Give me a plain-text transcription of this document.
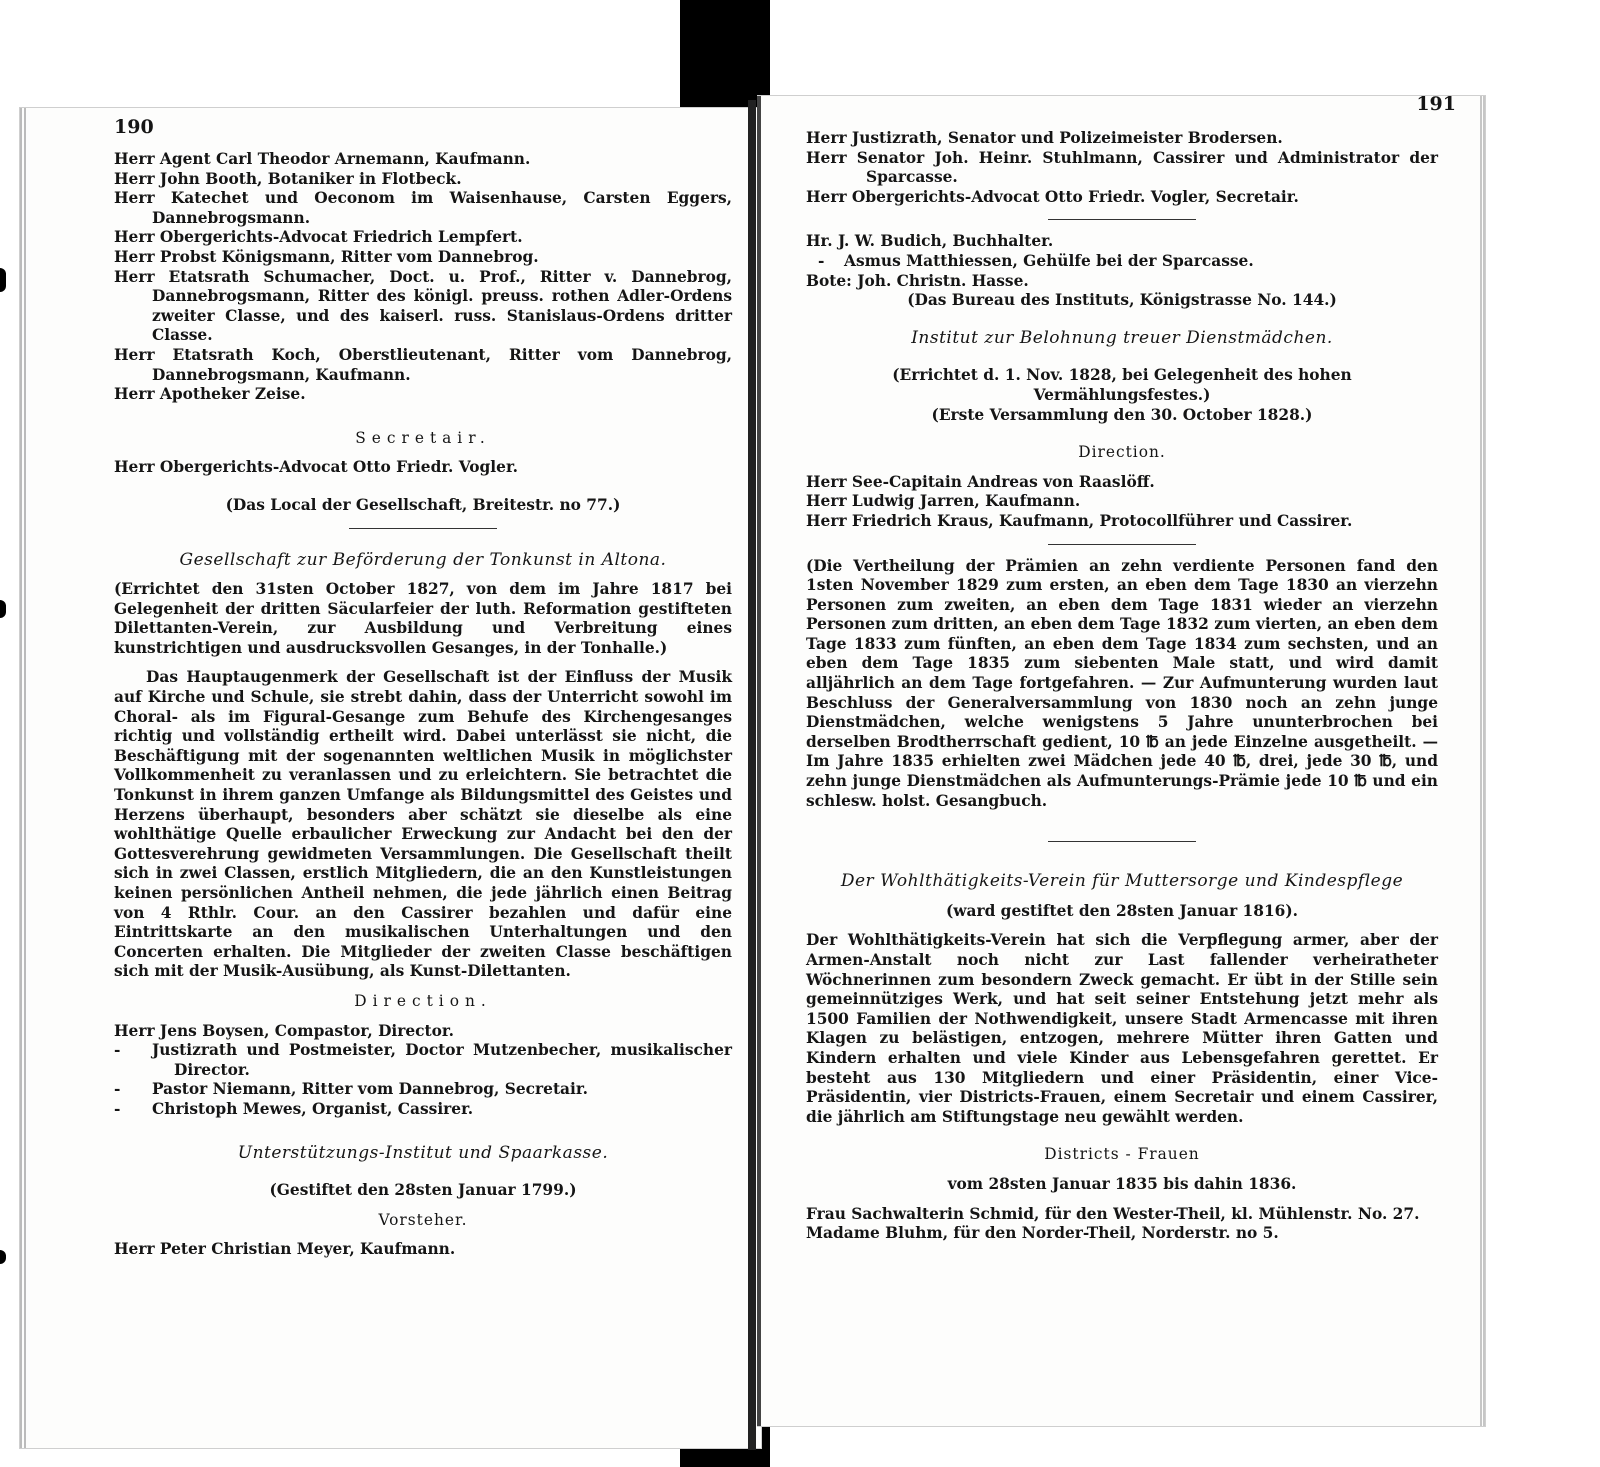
190

Herr Agent Carl Theodor Arnemann, Kaufmann.

Herr John Booth, Botaniker in Flotbeck.

Herr Katechet und Oeconom im Waisenhause, Carsten Eggers, Dannebrogsmann.

Herr Obergerichts-Advocat Friedrich Lempfert.

Herr Probst Königsmann, Ritter vom Dannebrog.

Herr Etatsrath Schumacher, Doct. u. Prof., Ritter v. Dannebrog, Dannebrogsmann, Ritter des königl. preuss. rothen Adler-Ordens zweiter Classe, und des kaiserl. russ. Stanislaus-Ordens dritter Classe.

Herr Etatsrath Koch, Oberstlieutenant, Ritter vom Dannebrog, Dannebrogsmann, Kaufmann.

Herr Apotheker Zeise.

Secretair.

Herr Obergerichts-Advocat Otto Friedr. Vogler.

(Das Local der Gesellschaft, Breitestr. no 77.)

Gesellschaft zur Beförderung der Tonkunst in Altona.

(Errichtet den 31sten October 1827, von dem im Jahre 1817 bei Gelegenheit der dritten Säcularfeier der luth. Reformation gestifteten Dilettanten-Verein, zur Ausbildung und Verbreitung eines kunstrichtigen und ausdrucksvollen Gesanges, in der Tonhalle.)

Das Hauptaugenmerk der Gesellschaft ist der Einfluss der Musik auf Kirche und Schule, sie strebt dahin, dass der Unterricht sowohl im Choral- als im Figural-Gesange zum Behufe des Kirchengesanges richtig und vollständig ertheilt wird. Dabei unterlässt sie nicht, die Beschäftigung mit der sogenannten weltlichen Musik in möglichster Vollkommenheit zu veranlassen und zu erleichtern. Sie betrachtet die Tonkunst in ihrem ganzen Umfange als Bildungsmittel des Geistes und Herzens überhaupt, besonders aber schätzt sie dieselbe als eine wohlthätige Quelle erbaulicher Erweckung zur Andacht bei den der Gottesverehrung gewidmeten Versammlungen. Die Gesellschaft theilt sich in zwei Classen, erstlich Mitgliedern, die an den Kunstleistungen keinen persönlichen Antheil nehmen, die jede jährlich einen Beitrag von 4 Rthlr. Cour. an den Cassirer bezahlen und dafür eine Eintrittskarte an den musikalischen Unterhaltungen und den Concerten erhalten. Die Mitglieder der zweiten Classe beschäftigen sich mit der Musik-Ausübung, als Kunst-Dilettanten.

Direction.

Herr Jens Boysen, Compastor, Director.

- Justizrath und Postmeister, Doctor Mutzenbecher, musikalischer Director.

- Pastor Niemann, Ritter vom Dannebrog, Secretair.

- Christoph Mewes, Organist, Cassirer.

Unterstützungs-Institut und Spaarkasse.

(Gestiftet den 28sten Januar 1799.)

Vorsteher.

Herr Peter Christian Meyer, Kaufmann.

191

Herr Justizrath, Senator und Polizeimeister Brodersen.

Herr Senator Joh. Heinr. Stuhlmann, Cassirer und Administrator der Sparcasse.

Herr Obergerichts-Advocat Otto Friedr. Vogler, Secretair.

Hr. J. W. Budich, Buchhalter.

- Asmus Matthiessen, Gehülfe bei der Sparcasse.

Bote: Joh. Christn. Hasse.

(Das Bureau des Instituts, Königstrasse No. 144.)

Institut zur Belohnung treuer Dienstmädchen.

(Errichtet d. 1. Nov. 1828, bei Gelegenheit des hohen Vermählungsfestes.)

(Erste Versammlung den 30. October 1828.)

Direction.

Herr See-Capitain Andreas von Raaslöff.

Herr Ludwig Jarren, Kaufmann.

Herr Friedrich Kraus, Kaufmann, Protocollführer und Cassirer.

(Die Vertheilung der Prämien an zehn verdiente Personen fand den 1sten November 1829 zum ersten, an eben dem Tage 1830 an vierzehn Personen zum zweiten, an eben dem Tage 1831 wieder an vierzehn Personen zum dritten, an eben dem Tage 1832 zum vierten, an eben dem Tage 1833 zum fünften, an eben dem Tage 1834 zum sechsten, und an eben dem Tage 1835 zum siebenten Male statt, und wird damit alljährlich an dem Tage fortgefahren. — Zur Aufmunterung wurden laut Beschluss der Generalversammlung von 1830 noch an zehn junge Dienstmädchen, welche wenigstens 5 Jahre ununterbrochen bei derselben Brodtherrschaft gedient, 10 ℔ an jede Einzelne ausgetheilt. — Im Jahre 1835 erhielten zwei Mädchen jede 40 ℔, drei, jede 30 ℔, und zehn junge Dienstmädchen als Aufmunterungs-Prämie jede 10 ℔ und ein schlesw. holst. Gesangbuch.

Der Wohlthätigkeits-Verein für Muttersorge und Kindespflege

(ward gestiftet den 28sten Januar 1816).

Der Wohlthätigkeits-Verein hat sich die Verpflegung armer, aber der Armen-Anstalt noch nicht zur Last fallender verheiratheter Wöchnerinnen zum besondern Zweck gemacht. Er übt in der Stille sein gemeinnütziges Werk, und hat seit seiner Entstehung jetzt mehr als 1500 Familien der Nothwendigkeit, unsere Stadt Armencasse mit ihren Klagen zu belästigen, entzogen, mehrere Mütter ihren Gatten und Kindern erhalten und viele Kinder aus Lebensgefahren gerettet. Er besteht aus 130 Mitgliedern und einer Präsidentin, einer Vice-Präsidentin, vier Districts-Frauen, einem Secretair und einem Cassirer, die jährlich am Stiftungstage neu gewählt werden.

Districts - Frauen

vom 28sten Januar 1835 bis dahin 1836.

Frau Sachwalterin Schmid, für den Wester-Theil, kl. Mühlenstr. No. 27.

Madame Bluhm, für den Norder-Theil, Norderstr. no 5.
